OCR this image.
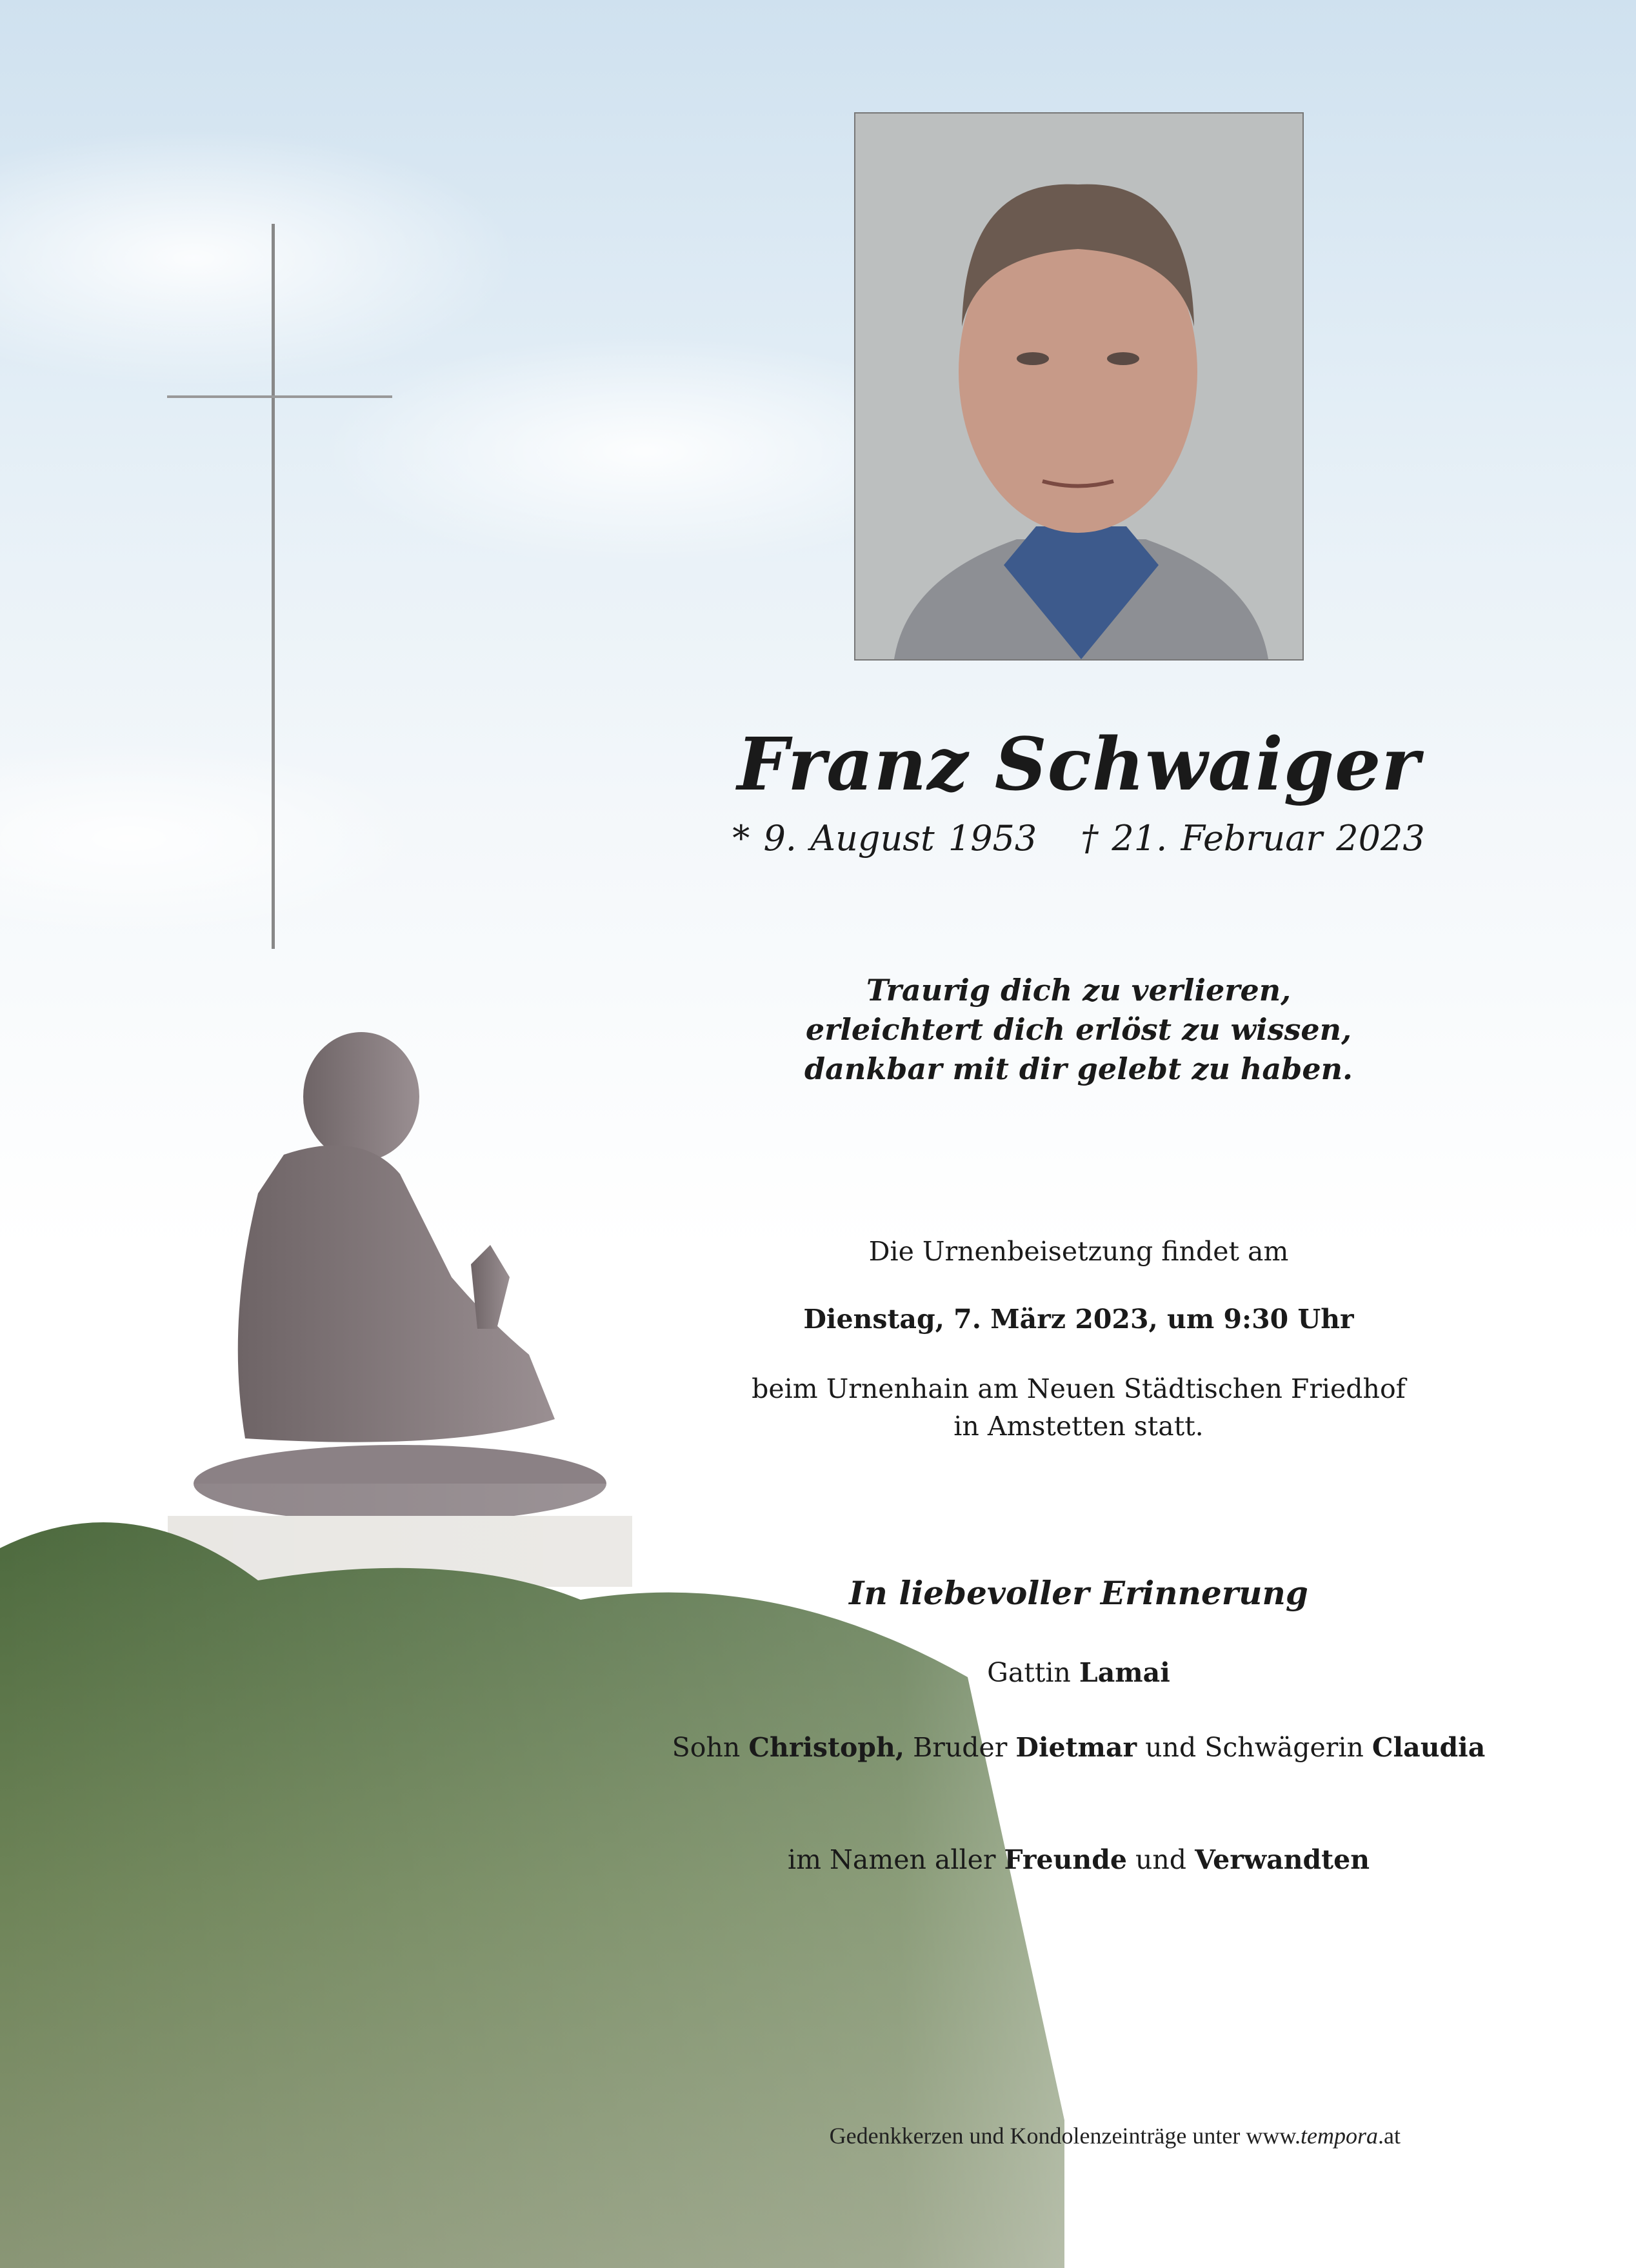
Franz Schwaiger
* 9. August 1953 † 21. Februar 2023
Traurig dich zu verlieren,
erleichtert dich erlöst zu wissen,
dankbar mit dir gelebt zu haben.
Die Urnenbeisetzung findet am
Dienstag, 7. März 2023, um 9:30 Uhr
beim Urnenhain am Neuen Städtischen Friedhof
in Amstetten statt.
In liebevoller Erinnerung
Gattin Lamai
Sohn Christoph, Bruder Dietmar und Schwägerin Claudia
im Namen aller Freunde und Verwandten
Gedenkkerzen und Kondolenzeinträge unter www.tempora.at
